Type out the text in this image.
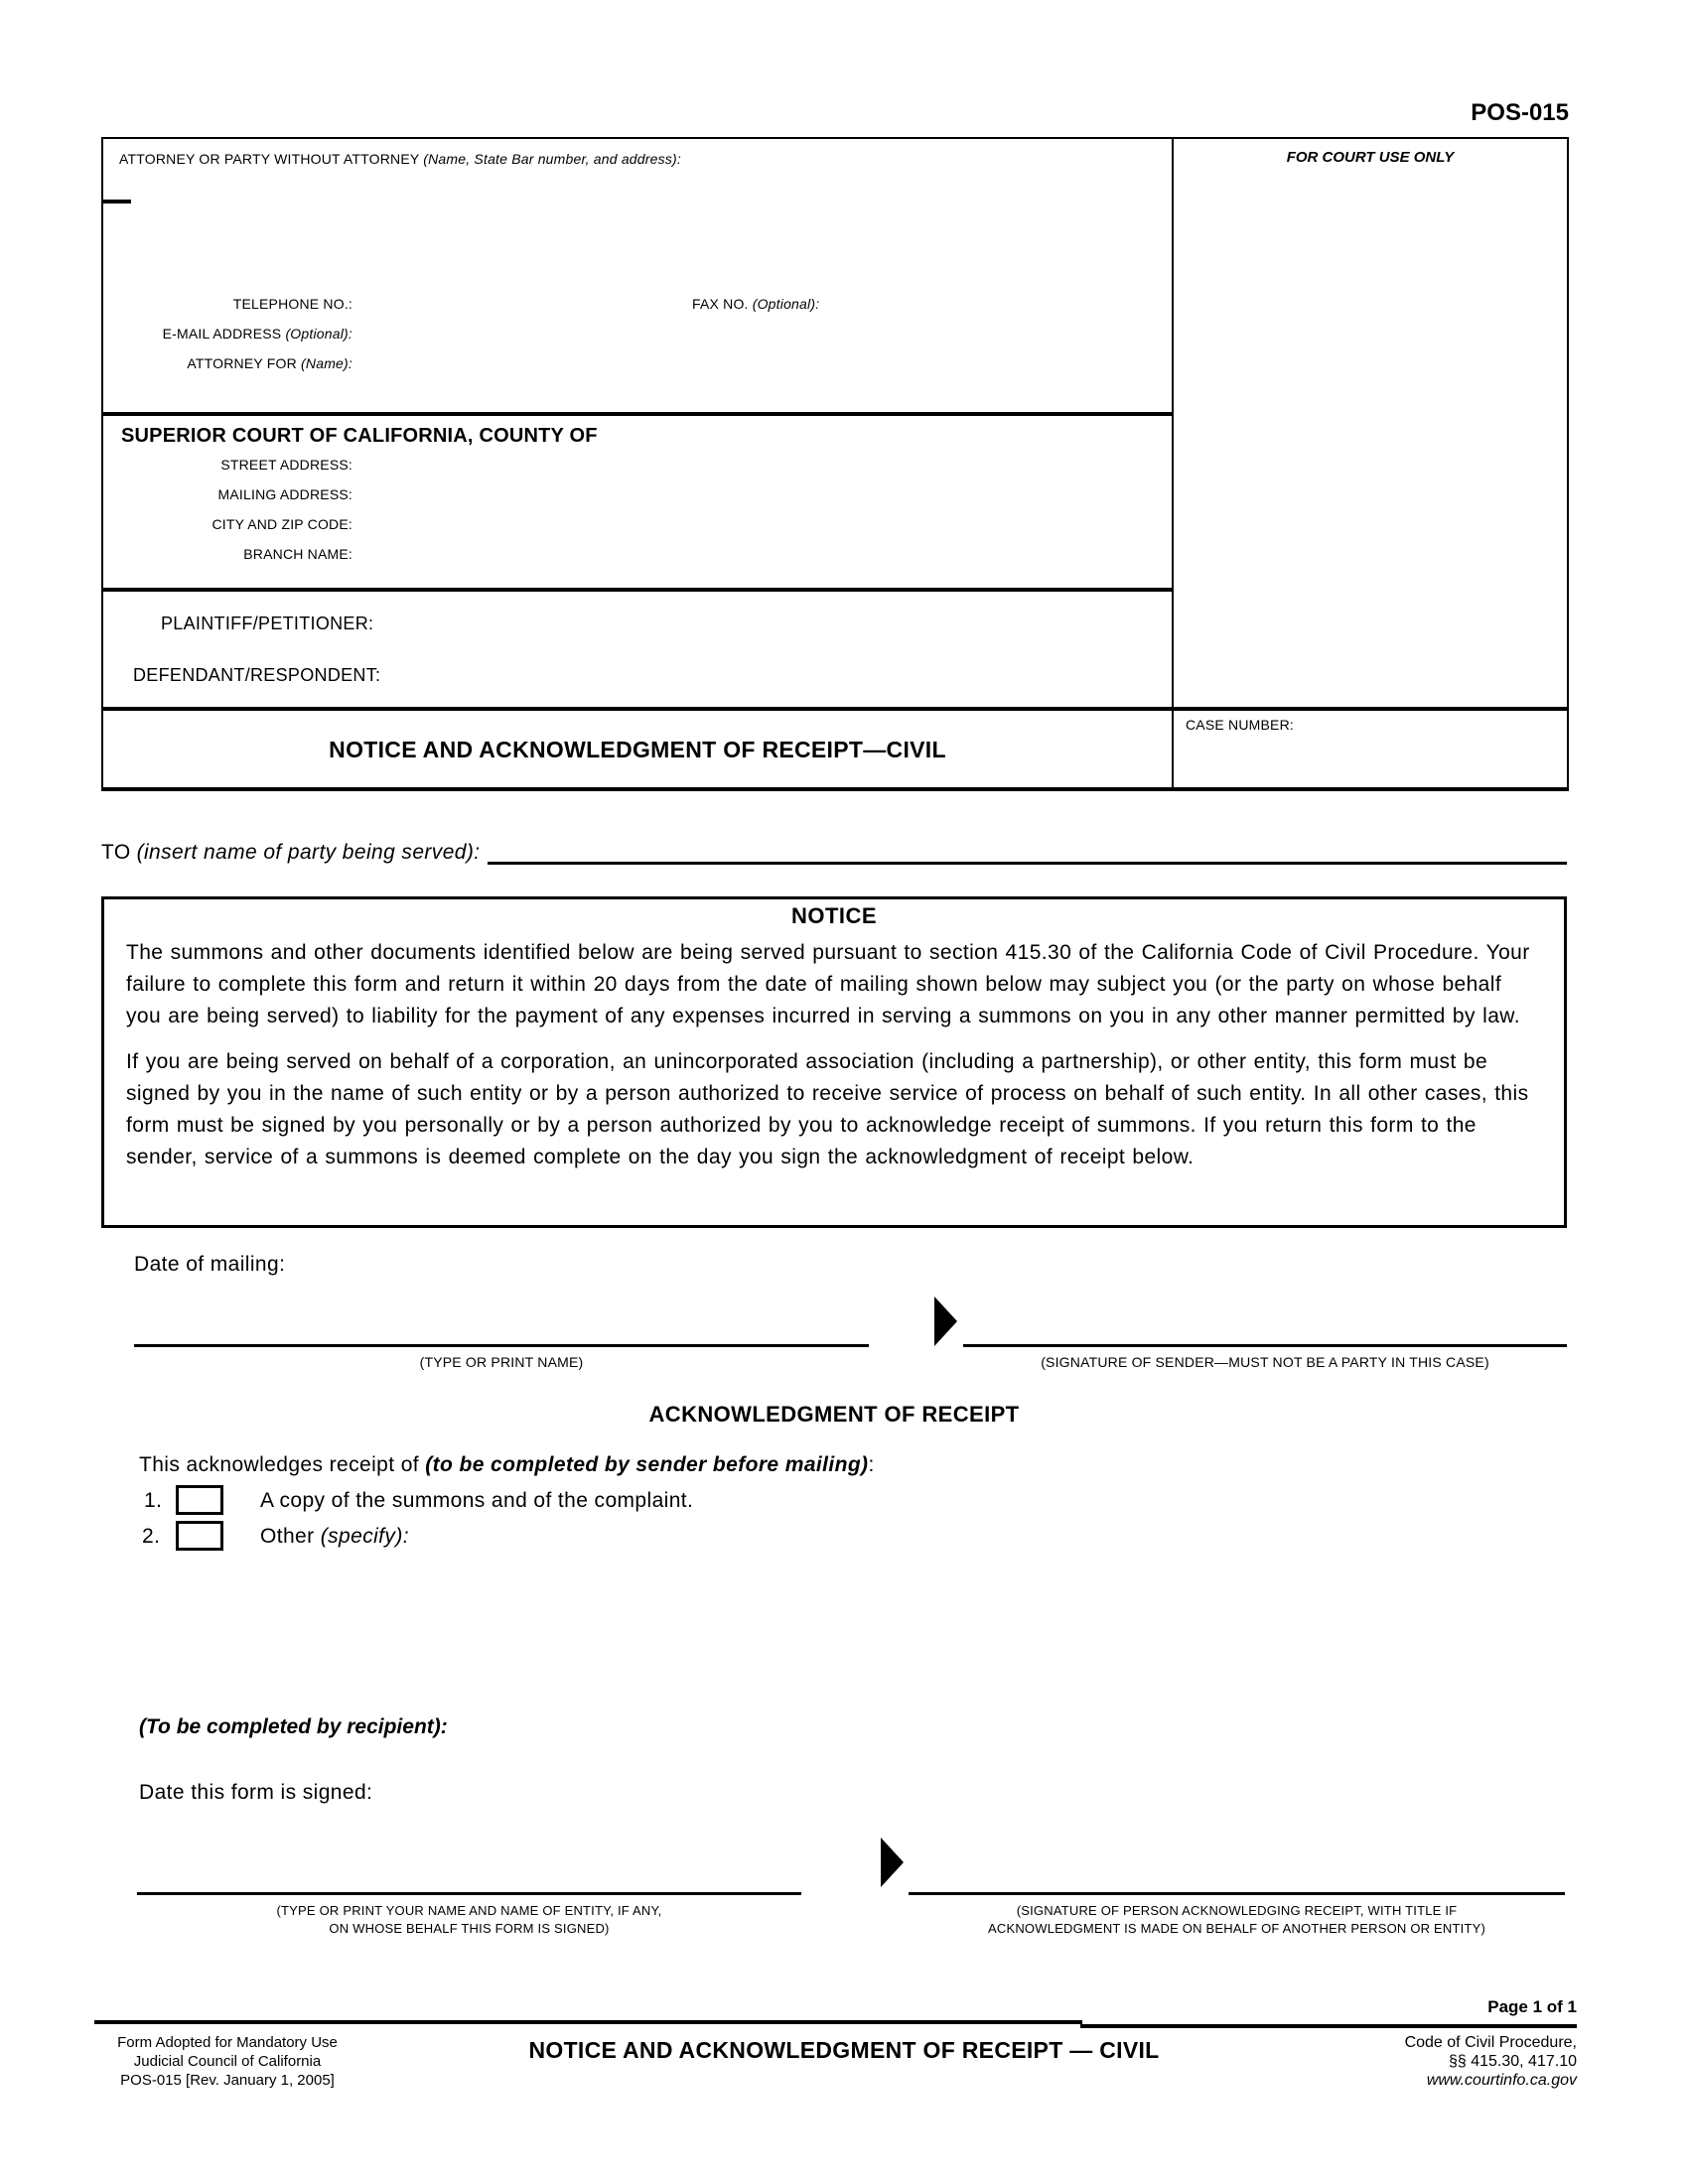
POS-015
FOR COURT USE ONLY
ATTORNEY OR PARTY WITHOUT ATTORNEY (Name, State Bar number, and address):
TELEPHONE NO.:	FAX NO. (Optional):
E-MAIL ADDRESS (Optional):
ATTORNEY FOR (Name):
SUPERIOR COURT OF CALIFORNIA, COUNTY OF
STREET ADDRESS:
MAILING ADDRESS:
CITY AND ZIP CODE:
BRANCH NAME:
PLAINTIFF/PETITIONER:
DEFENDANT/RESPONDENT:
NOTICE AND ACKNOWLEDGMENT OF RECEIPT—CIVIL
CASE NUMBER:
TO (insert name of party being served):
NOTICE

The summons and other documents identified below are being served pursuant to section 415.30 of the California Code of Civil Procedure. Your failure to complete this form and return it within 20 days from the date of mailing shown below may subject you (or the party on whose behalf you are being served) to liability for the payment of any expenses incurred in serving a summons on you in any other manner permitted by law.

If you are being served on behalf of a corporation, an unincorporated association (including a partnership), or other entity, this form must be signed by you in the name of such entity or by a person authorized to receive service of process on behalf of such entity. In all other cases, this form must be signed by you personally or by a person authorized by you to acknowledge receipt of summons. If you return this form to the sender, service of a summons is deemed complete on the day you sign the acknowledgment of receipt below.

Date of mailing:
(TYPE OR PRINT NAME)	(SIGNATURE OF SENDER—MUST NOT BE A PARTY IN THIS CASE)
ACKNOWLEDGMENT OF RECEIPT
This acknowledges receipt of (to be completed by sender before mailing):
1.	A copy of the summons and of the complaint.
2.	Other (specify):
(To be completed by recipient):
Date this form is signed:
(TYPE OR PRINT YOUR NAME AND NAME OF ENTITY, IF ANY,
ON WHOSE BEHALF THIS FORM IS SIGNED)
(SIGNATURE OF PERSON ACKNOWLEDGING RECEIPT, WITH TITLE IF
ACKNOWLEDGMENT IS MADE ON BEHALF OF ANOTHER PERSON OR ENTITY)
Page 1 of 1
Form Adopted for Mandatory Use
Judicial Council of California
POS-015 [Rev. January 1, 2005]
NOTICE AND ACKNOWLEDGMENT OF RECEIPT — CIVIL	Code of Civil Procedure,
§§ 415.30, 417.10
www.courtinfo.ca.gov
